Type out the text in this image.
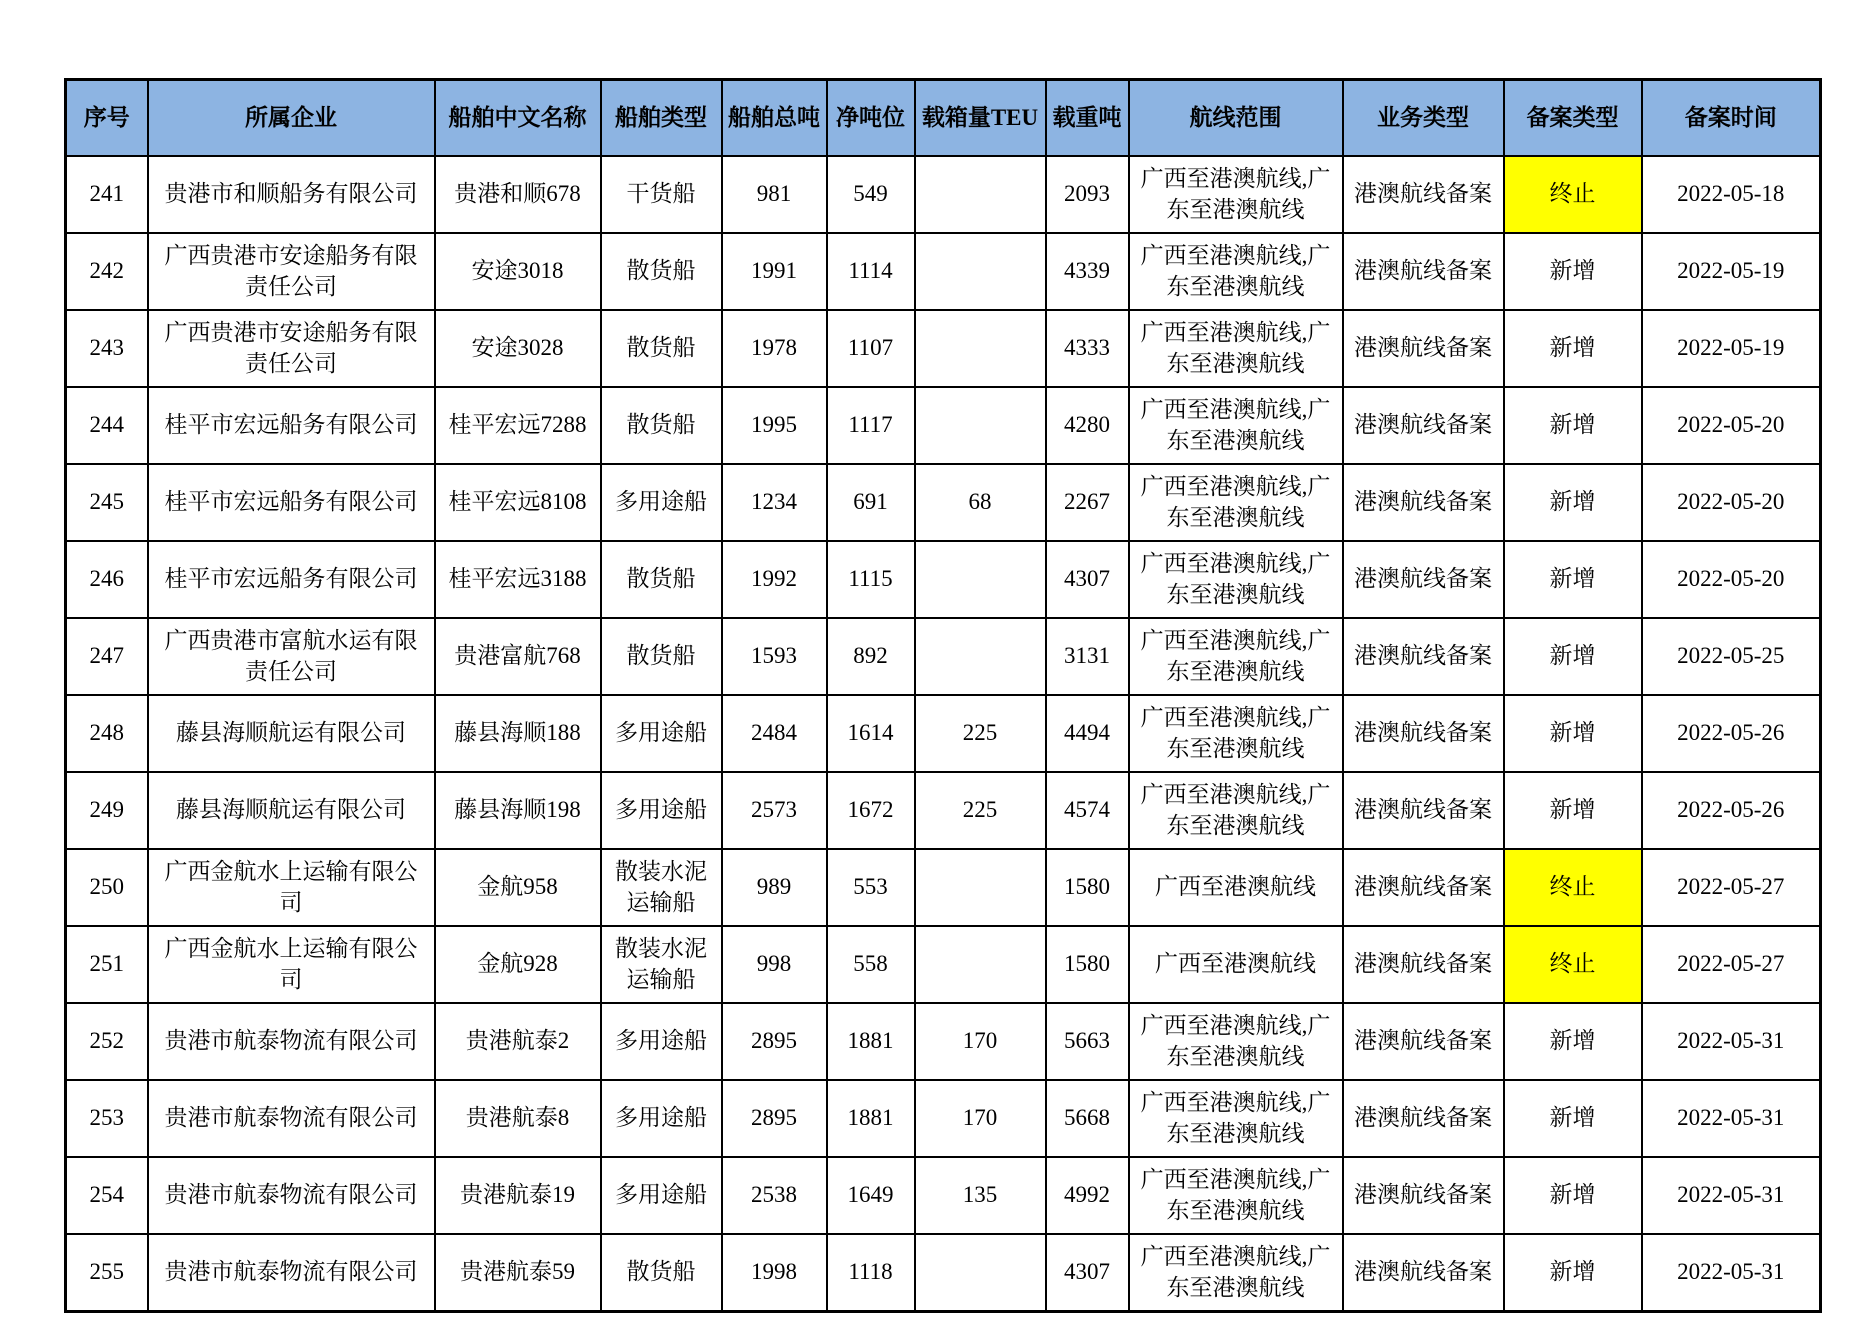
序号	所属企业	船舶中文名称	船舶类型	船舶总吨	净吨位	载箱量TEU	载重吨	航线范围	业务类型	备案类型	备案时间
241	贵港市和顺船务有限公司	贵港和顺678	干货船	981	549		2093	广西至港澳航线,广东至港澳航线	港澳航线备案	终止	2022-05-18
242	广西贵港市安途船务有限责任公司	安途3018	散货船	1991	1114		4339	广西至港澳航线,广东至港澳航线	港澳航线备案	新增	2022-05-19
243	广西贵港市安途船务有限责任公司	安途3028	散货船	1978	1107		4333	广西至港澳航线,广东至港澳航线	港澳航线备案	新增	2022-05-19
244	桂平市宏远船务有限公司	桂平宏远7288	散货船	1995	1117		4280	广西至港澳航线,广东至港澳航线	港澳航线备案	新增	2022-05-20
245	桂平市宏远船务有限公司	桂平宏远8108	多用途船	1234	691	68	2267	广西至港澳航线,广东至港澳航线	港澳航线备案	新增	2022-05-20
246	桂平市宏远船务有限公司	桂平宏远3188	散货船	1992	1115		4307	广西至港澳航线,广东至港澳航线	港澳航线备案	新增	2022-05-20
247	广西贵港市富航水运有限责任公司	贵港富航768	散货船	1593	892		3131	广西至港澳航线,广东至港澳航线	港澳航线备案	新增	2022-05-25
248	藤县海顺航运有限公司	藤县海顺188	多用途船	2484	1614	225	4494	广西至港澳航线,广东至港澳航线	港澳航线备案	新增	2022-05-26
249	藤县海顺航运有限公司	藤县海顺198	多用途船	2573	1672	225	4574	广西至港澳航线,广东至港澳航线	港澳航线备案	新增	2022-05-26
250	广西金航水上运输有限公司	金航958	散装水泥运输船	989	553		1580	广西至港澳航线	港澳航线备案	终止	2022-05-27
251	广西金航水上运输有限公司	金航928	散装水泥运输船	998	558		1580	广西至港澳航线	港澳航线备案	终止	2022-05-27
252	贵港市航泰物流有限公司	贵港航泰2	多用途船	2895	1881	170	5663	广西至港澳航线,广东至港澳航线	港澳航线备案	新增	2022-05-31
253	贵港市航泰物流有限公司	贵港航泰8	多用途船	2895	1881	170	5668	广西至港澳航线,广东至港澳航线	港澳航线备案	新增	2022-05-31
254	贵港市航泰物流有限公司	贵港航泰19	多用途船	2538	1649	135	4992	广西至港澳航线,广东至港澳航线	港澳航线备案	新增	2022-05-31
255	贵港市航泰物流有限公司	贵港航泰59	散货船	1998	1118		4307	广西至港澳航线,广东至港澳航线	港澳航线备案	新增	2022-05-31
